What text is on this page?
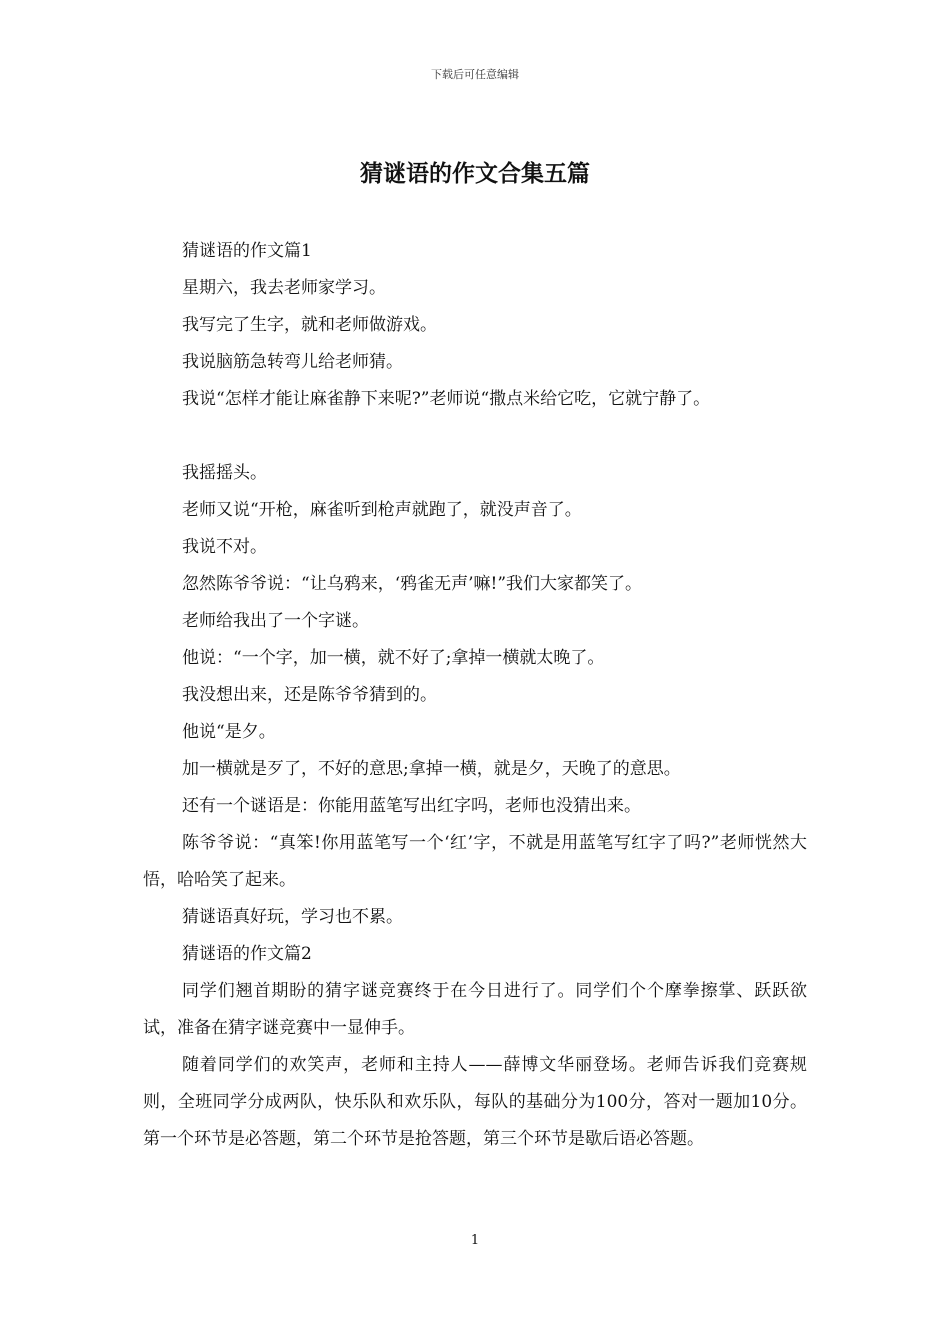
下载后可任意编辑
猜谜语的作文合集五篇

猜谜语的作文篇1

星期六，我去老师家学习。

我写完了生字，就和老师做游戏。

我说脑筋急转弯儿给老师猜。

我说“怎样才能让麻雀静下来呢?”老师说“撒点米给它吃，它就宁静了。

我摇摇头。

老师又说“开枪，麻雀听到枪声就跑了，就没声音了。

我说不对。

忽然陈爷爷说：“让乌鸦来，‘鸦雀无声’嘛!”我们大家都笑了。

老师给我出了一个字谜。

他说：“一个字，加一横，就不好了;拿掉一横就太晚了。

我没想出来，还是陈爷爷猜到的。

他说“是夕。

加一横就是歹了，不好的意思;拿掉一横，就是夕，天晚了的意思。

还有一个谜语是：你能用蓝笔写出红字吗，老师也没猜出来。

陈爷爷说：“真笨!你用蓝笔写一个‘红’字，不就是用蓝笔写红字了吗?”老师恍然大悟，哈哈笑了起来。

猜谜语真好玩，学习也不累。

猜谜语的作文篇2

同学们翘首期盼的猜字谜竞赛终于在今日进行了。同学们个个摩拳擦掌、跃跃欲试，准备在猜字谜竞赛中一显伸手。

随着同学们的欢笑声，老师和主持人——薛博文华丽登场。老师告诉我们竞赛规则，全班同学分成两队，快乐队和欢乐队，每队的基础分为100分，答对一题加10分。第一个环节是必答题，第二个环节是抢答题，第三个环节是歇后语必答题。

1
